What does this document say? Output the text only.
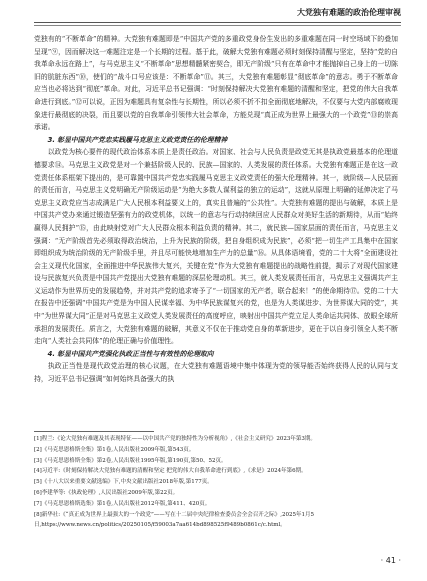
大党独有难题的政治伦理审视

党独有的“不断革命”的精神。大党独有难题即是“中国共产党的多重政党身份生发出的多重难题在同一时空场域下的叠加呈现”⑨，因而解决这一难题注定是一个长期的过程。基于此，破解大党独有难题必须时刻保持清醒与坚定，坚持“党的自我革命永远在路上”，与马克思主义“不断革命”思想精髓紧密契合，即无产阶级“只有在革命中才能抛掉自己身上的一切陈旧的肮脏东西”⑩，使们的“战斗口号应该是：不断革命”⑪。其三，大党独有难题彰显“彻底革命”的意志。勇于不断革命应当也必将达到“彻底”革命。对此，习近平总书记强调：“时刻保持解决大党独有难题的清醒和坚定，把党的伟大自我革命进行到底。”⑫可以说，正因为难题具有复杂性与长期性，所以必须不折不扣全面彻底地解决，不仅要与大党内部腐败现象进行最彻底的决裂，而且要以党的自我革命引领伟大社会革命，方能兑现“真正成为世界上最强大的一个政党”⑬的崇高承诺。

3. 彰显中国共产党忠实践履马克思主义政党责任的伦理精神

以政党为核心要件的现代政治体系本质上是责任政治。对国家、社会与人民负责是政党无其是执政党最基本的伦理道德要求⑭。马克思主义政党是对一个兼括阶级人民的、民族—国家的、人类发展的责任体系。大党独有难题正是在这一政党责任体系框架下提出的，是可靠置中国共产党忠实践履马克思主义政党责任的强大伦理精神。其一，就阶级—人民层面的责任而言，马克思主义党明确无产阶级运动是“为绝大多数人谋利益的独立的运动”，这就从原理上明确的延伸决定了马克思主义政党应当志成满足广大人民根本利益要义上的，真实且普遍的“公共性”。大党独有难题的提出与破解，本质上是中国共产党办来通过锻造坚强有力的政党机体，以统一的意志与行动持续回应人民群众对美好生活的新期待，从而“始终赢得人民拥护”⑮，由此映射党对广大人民群众根本利益负责的精神。其二，就民族—国家层面的责任而言，马克思主义强调：“无产阶级首先必须取得政治统治，上升为民族的阶级，把自身组织成为民族”，必须“把一切生产工具集中在国家即组织成为统治阶级的无产阶级手里，并且尽可能快地增加生产力的总量”⑯。从具体语境看，党的二十大将“全面建设社会主义现代化国家，全面推进中华民族伟大复兴，关键在党”作为大党独有难题提出的战略性前提，揭示了对现代国家建设与民族复兴负责是中国共产党提出大党独有难题的深层伦理动机。其三，就人类发展责任而言，马克思主义强调共产主义运动作为世界历史的发展趋势，并对共产党的追求寄予了“一切国家的无产者，联合起来！”的使命期待⑰。党的二十大在报告中还强调“中国共产党是为中国人民谋幸福、为中华民族谋复兴的党，也是为人类谋进步、为世界谋大同的党”，其中“为世界谋大同”正是对马克思主义政党人类发展责任的高度呼应，映射出中国共产党立足人类命运共同体、放眼全球所承担的发展责任。质言之，大党独有难题的破解，其意义不仅在于推动党自身的革新进步，更在于以自身引领全人类不断走向“人类社会共同体”的伦理正确与价值理性。

4. 彰显中国共产党强化执政正当性与有效性的伦理取向

执政正当性是现代政党治理的核心议题，在大党独有难题语境中集中体现为党的领导能否始终获得人民的认同与支持，习近平总书记强调“如何始终具备强大的执

[1]程兰:《论大党独有难题及其表现特征——以中国共产党的独特性为分析视角》,《社会主义研究》2023年第3期。
[2]《马克思恩格斯全集》第1卷,人民出版社2009年版,第543页。
[3]《马克思恩格斯全集》第2卷,人民出版社1995年版,第190页,第50、52页。
[4]习近平:《时刻保持解决大党独有难题的清醒和坚定 把党的伟大自我革命进行到底》,《求是》2024年第6期。
[5]《十八大以来重要文献选编》下,中央文献出版社2018年版,第177页。
[6]李建华等:《执政伦理》,人民出版社2009年版,第22页。
[7]《马克思恩格斯选集》第1卷,人民出版社2012年版,第411、420页。
[8]新华社:《“真正成为世界上最强大的一个政党”——写在十二届中央纪律检查委员会全会召开之际》,2025年1月5日,https://www.news.cn/politics/20250105/f59003a7aa614bd898525f9489b0861c/c.html。
· 41 ·
